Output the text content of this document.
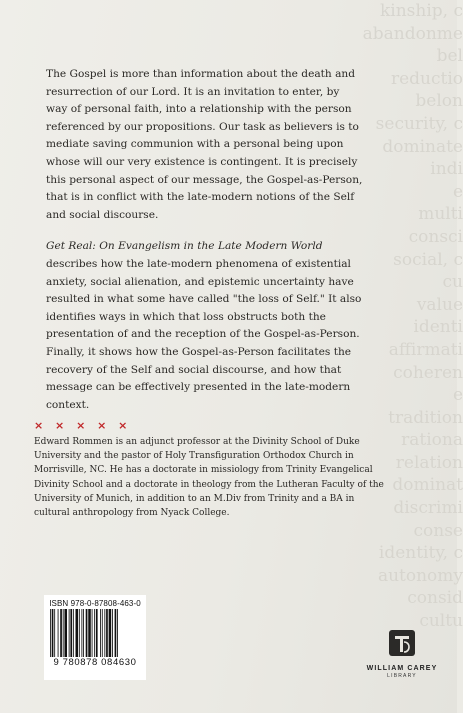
kinship, c
abandonme
bel
reductio
belon
security, c
dominate
indi
e
multi
consci
social, c
cu
value
identi
affirmati
coheren
e
tradition
rationa
relation
dominat
discrimi
conse
identity, c
autonomy
consid
cultu

The Gospel is more than information about the death and resurrection of our Lord. It is an invitation to enter, by way of personal faith, into a relationship with the person referenced by our propositions. Our task as believers is to mediate saving communion with a personal being upon whose will our very existence is contingent. It is precisely this personal aspect of our message, the Gospel-as-Person, that is in conflict with the late-modern notions of the Self and social discourse.

Get Real: On Evangelism in the Late Modern World describes how the late-modern phenomena of existential anxiety, social alienation, and epistemic uncertainty have resulted in what some have called "the loss of Self." It also identifies ways in which that loss obstructs both the presentation of and the reception of the Gospel-as-Person. Finally, it shows how the Gospel-as-Person facilitates the recovery of the Self and social discourse, and how that message can be effectively presented in the late-modern context.

× × × × ×
Edward Rommen is an adjunct professor at the Divinity School of Duke University and the pastor of Holy Transfiguration Orthodox Church in Morrisville, NC. He has a doctorate in missiology from Trinity Evangelical Divinity School and a doctorate in theology from the Lutheran Faculty of the University of Munich, in addition to an M.Div from Trinity and a BA in cultural anthropology from Nyack College.
ISBN 978-0-87808-463-0
9 780878 084630
WILLIAM CAREY
LIBRARY
